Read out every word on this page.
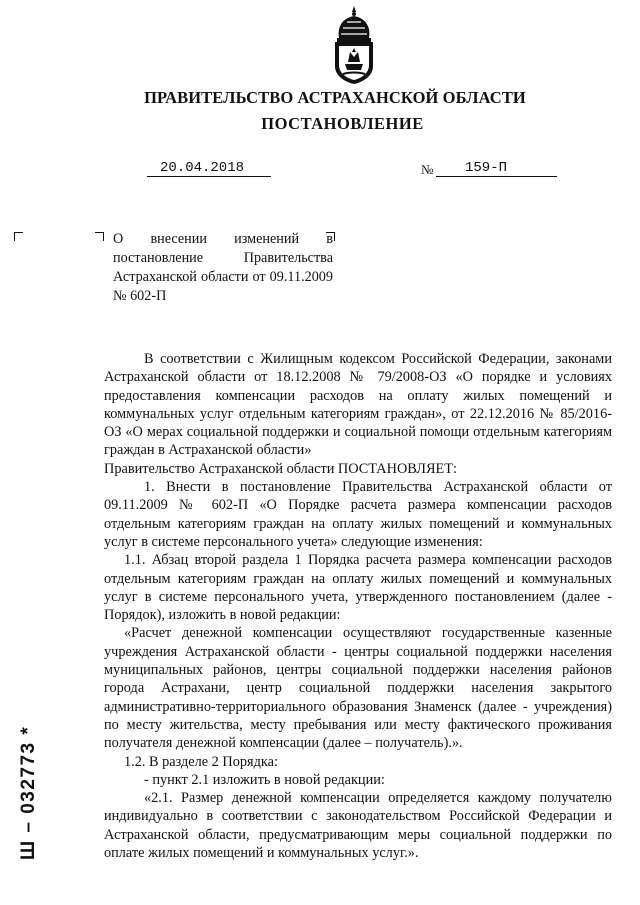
ПРАВИТЕЛЬСТВО АСТРАХАНСКОЙ ОБЛАСТИ
ПОСТАНОВЛЕНИЕ
20.04.2018	№ 159-П
О внесении изменений в постановление Правительства Астраханской области от 09.11.2009 № 602-П

В соответствии с Жилищным кодексом Российской Федерации, законами Астраханской области от 18.12.2008 № 79/2008-ОЗ «О порядке и условиях предоставления компенсации расходов на оплату жилых помещений и коммунальных услуг отдельным категориям граждан», от 22.12.2016 № 85/2016-ОЗ «О мерах социальной поддержки и социальной помощи отдельным категориям граждан в Астраханской области»

Правительство Астраханской области ПОСТАНОВЛЯЕТ:

1. Внести в постановление Правительства Астраханской области от 09.11.2009 № 602-П «О Порядке расчета размера компенсации расходов отдельным категориям граждан на оплату жилых помещений и коммунальных услуг в системе персонального учета» следующие изменения:

1.1. Абзац второй раздела 1 Порядка расчета размера компенсации расходов отдельным категориям граждан на оплату жилых помещений и коммунальных услуг в системе персонального учета, утвержденного постановлением (далее - Порядок), изложить в новой редакции:

«Расчет денежной компенсации осуществляют государственные казенные учреждения Астраханской области - центры социальной поддержки населения муниципальных районов, центры социальной поддержки населения районов города Астрахани, центр социальной поддержки населения закрытого административно-территориального образования Знаменск (далее - учреждения) по месту жительства, месту пребывания или месту фактического проживания получателя денежной компенсации (далее – получатель).».

1.2. В разделе 2 Порядка:

- пункт 2.1 изложить в новой редакции:

«2.1. Размер денежной компенсации определяется каждому получателю индивидуально в соответствии с законодательством Российской Федерации и Астраханской области, предусматривающим меры социальной поддержки по оплате жилых помещений и коммунальных услуг.».

Ш – 032773 *
